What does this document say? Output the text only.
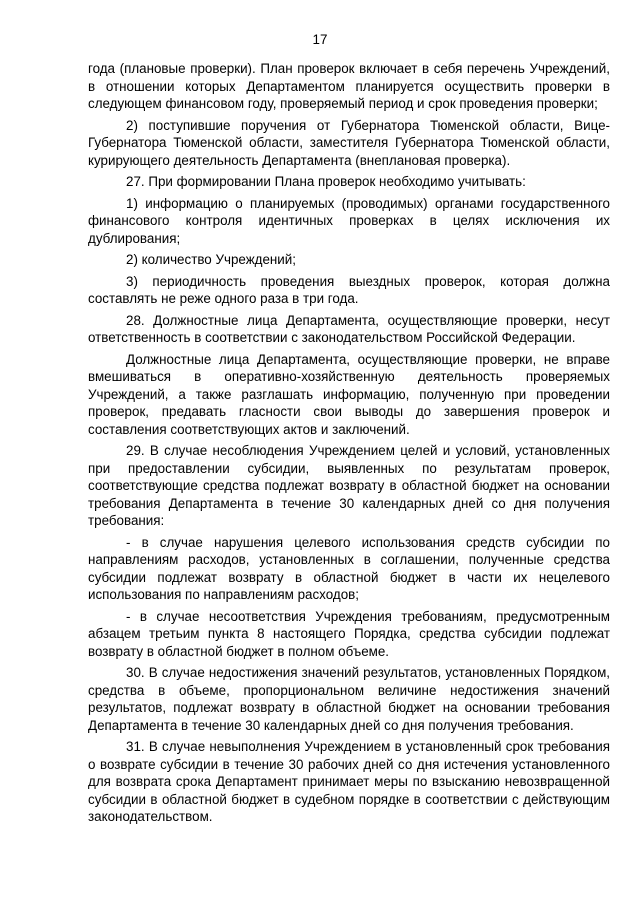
17

года (плановые проверки). План проверок включает в себя перечень Учреждений, в отношении которых Департаментом планируется осуществить проверки в следующем финансовом году, проверяемый период и срок проведения проверки;

2) поступившие поручения от Губернатора Тюменской области, Вице-Губернатора Тюменской области, заместителя Губернатора Тюменской области, курирующего деятельность Департамента (внеплановая проверка).

27. При формировании Плана проверок необходимо учитывать:

1) информацию о планируемых (проводимых) органами государственного финансового контроля идентичных проверках в целях исключения их дублирования;

2) количество Учреждений;

3) периодичность проведения выездных проверок, которая должна составлять не реже одного раза в три года.

28. Должностные лица Департамента, осуществляющие проверки, несут ответственность в соответствии с законодательством Российской Федерации.

Должностные лица Департамента, осуществляющие проверки, не вправе вмешиваться в оперативно-хозяйственную деятельность проверяемых Учреждений, а также разглашать информацию, полученную при проведении проверок, предавать гласности свои выводы до завершения проверок и составления соответствующих актов и заключений.

29. В случае несоблюдения Учреждением целей и условий, установленных при предоставлении субсидии, выявленных по результатам проверок, соответствующие средства подлежат возврату в областной бюджет на основании требования Департамента в течение 30 календарных дней со дня получения требования:

- в случае нарушения целевого использования средств субсидии по направлениям расходов, установленных в соглашении, полученные средства субсидии подлежат возврату в областной бюджет в части их нецелевого использования по направлениям расходов;

- в случае несоответствия Учреждения требованиям, предусмотренным абзацем третьим пункта 8 настоящего Порядка, средства субсидии подлежат возврату в областной бюджет в полном объеме.

30. В случае недостижения значений результатов, установленных Порядком, средства в объеме, пропорциональном величине недостижения значений результатов, подлежат возврату в областной бюджет на основании требования Департамента в течение 30 календарных дней со дня получения требования.

31. В случае невыполнения Учреждением в установленный срок требования о возврате субсидии в течение 30 рабочих дней со дня истечения установленного для возврата срока Департамент принимает меры по взысканию невозвращенной субсидии в областной бюджет в судебном порядке в соответствии с действующим законодательством.
